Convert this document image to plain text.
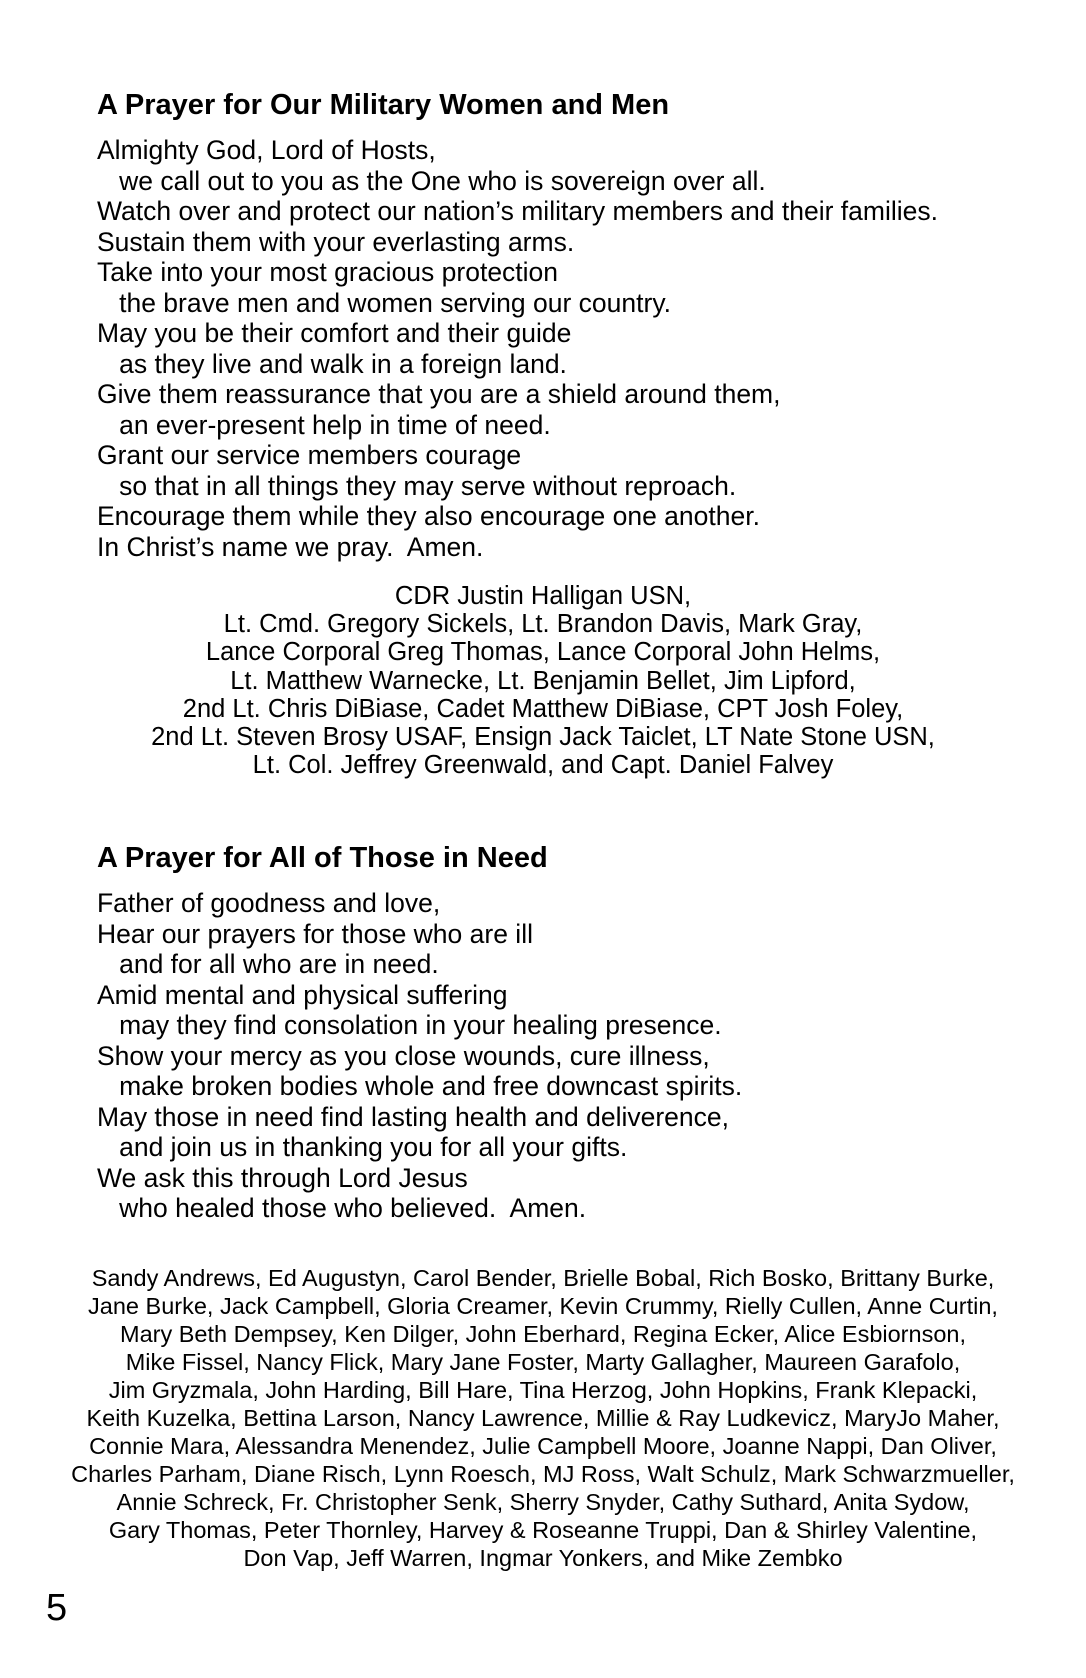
A Prayer for Our Military Women and Men
Almighty God, Lord of Hosts,
we call out to you as the One who is sovereign over all.
Watch over and protect our nation’s military members and their families.
Sustain them with your everlasting arms.
Take into your most gracious protection
the brave men and women serving our country.
May you be their comfort and their guide
as they live and walk in a foreign land.
Give them reassurance that you are a shield around them,
an ever-present help in time of need.
Grant our service members courage
so that in all things they may serve without reproach.
Encourage them while they also encourage one another.
In Christ’s name we pray.  Amen.
CDR Justin Halligan USN,
Lt. Cmd. Gregory Sickels, Lt. Brandon Davis, Mark Gray,
Lance Corporal Greg Thomas, Lance Corporal John Helms,
Lt. Matthew Warnecke, Lt. Benjamin Bellet, Jim Lipford,
2nd Lt. Chris DiBiase, Cadet Matthew DiBiase, CPT Josh Foley,
2nd Lt. Steven Brosy USAF, Ensign Jack Taiclet, LT Nate Stone USN,
Lt. Col. Jeffrey Greenwald, and Capt. Daniel Falvey
A Prayer for All of Those in Need
Father of goodness and love,
Hear our prayers for those who are ill
and for all who are in need.
Amid mental and physical suffering
may they find consolation in your healing presence.
Show your mercy as you close wounds, cure illness,
make broken bodies whole and free downcast spirits.
May those in need find lasting health and deliverence,
and join us in thanking you for all your gifts.
We ask this through Lord Jesus
who healed those who believed.  Amen.
Sandy Andrews, Ed Augustyn, Carol Bender, Brielle Bobal, Rich Bosko, Brittany Burke,
Jane Burke, Jack Campbell, Gloria Creamer, Kevin Crummy, Rielly Cullen, Anne Curtin,
Mary Beth Dempsey, Ken Dilger, John Eberhard, Regina Ecker, Alice Esbiornson,
Mike Fissel, Nancy Flick, Mary Jane Foster, Marty Gallagher, Maureen Garafolo,
Jim Gryzmala, John Harding, Bill Hare, Tina Herzog, John Hopkins, Frank Klepacki,
Keith Kuzelka, Bettina Larson, Nancy Lawrence, Millie & Ray Ludkevicz, MaryJo Maher,
Connie Mara, Alessandra Menendez, Julie Campbell Moore, Joanne Nappi, Dan Oliver,
Charles Parham, Diane Risch, Lynn Roesch, MJ Ross, Walt Schulz, Mark Schwarzmueller,
Annie Schreck, Fr. Christopher Senk, Sherry Snyder, Cathy Suthard, Anita Sydow,
Gary Thomas, Peter Thornley, Harvey & Roseanne Truppi, Dan & Shirley Valentine,
Don Vap, Jeff Warren, Ingmar Yonkers, and Mike Zembko
5
